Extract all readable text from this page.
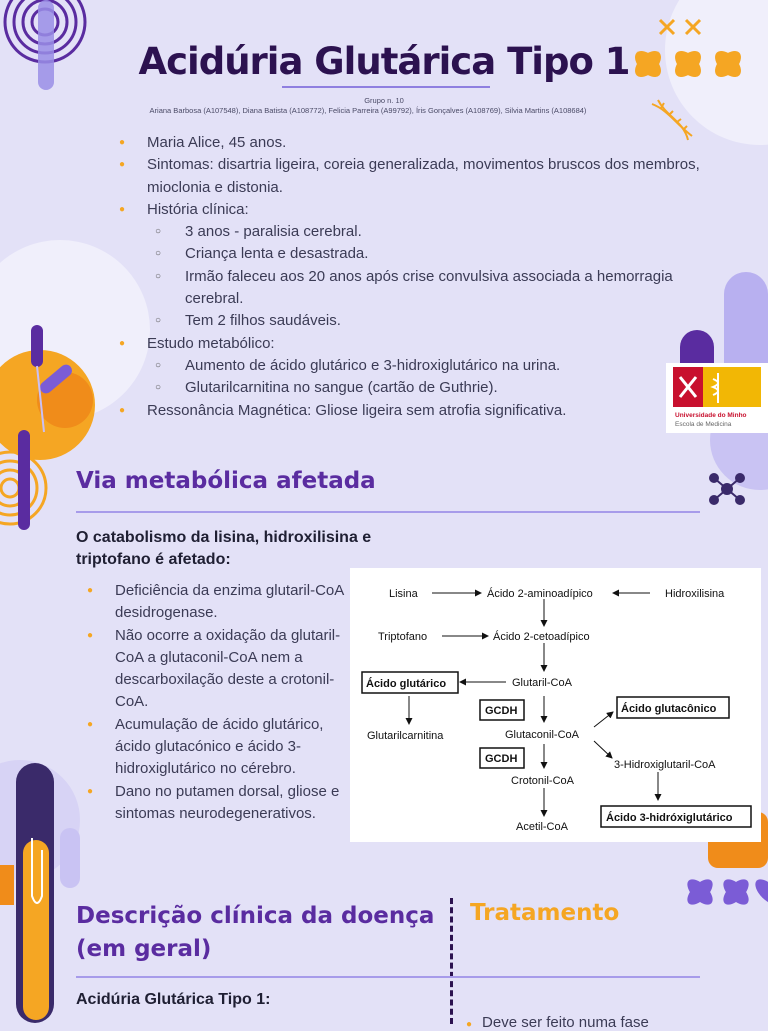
Acidúria Glutárica Tipo 1
Grupo n. 10
Ariana Barbosa (A107548), Diana Batista (A108772), Felicia Parreira (A99792), Íris Gonçalves (A108769), Silvia Martins (A108684)
● Maria Alice, 45 anos.
● Sintomas: disartria ligeira, coreia generalizada, movimentos bruscos dos membros, mioclonia e distonia.
● História clínica:
○ 3 anos - paralisia cerebral.
○ Criança lenta e desastrada.
○ Irmão faleceu aos 20 anos após crise convulsiva associada a hemorragia cerebral.
○ Tem 2 filhos saudáveis.
● Estudo metabólico:
○ Aumento de ácido glutárico e 3-hidroxiglutárico na urina.
○ Glutarilcarnitina no sangue (cartão de Guthrie).
● Ressonância Magnética: Gliose ligeira sem atrofia significativa.	Universidade do Minho
Escola de Medicina
Via metabólica afetada
O catabolismo da lisina, hidroxilisina e triptofano é afetado:
● Deficiência da enzima glutaril-CoA desidrogenase.
● Não ocorre a oxidação da glutaril-CoA a glutaconil-CoA nem a descarboxilação deste a crotonil-CoA.
● Acumulação de ácido glutárico, ácido glutacónico e ácido 3-hidroxiglutárico no cérebro.
● Dano no putamen dorsal, gliose e sintomas neurodegenerativos.
Lisina	Ácido 2-aminoadípico	Hidroxilisina
Triptofano	Ácido 2-cetoadípico
Ácido glutárico	Glutaril-CoA
GCDH
Glutarilcarnitina	Glutaconil-CoA
Ácido glutacônico
GCDH	3-Hidroxiglutaril-CoA
Crotonil-CoA
Ácido 3-hidróxiglutárico
Acetil-CoA
Descrição clínica da doença (em geral)
Tratamento
Acidúria Glutárica Tipo 1:
● Deve ser feito numa fase
